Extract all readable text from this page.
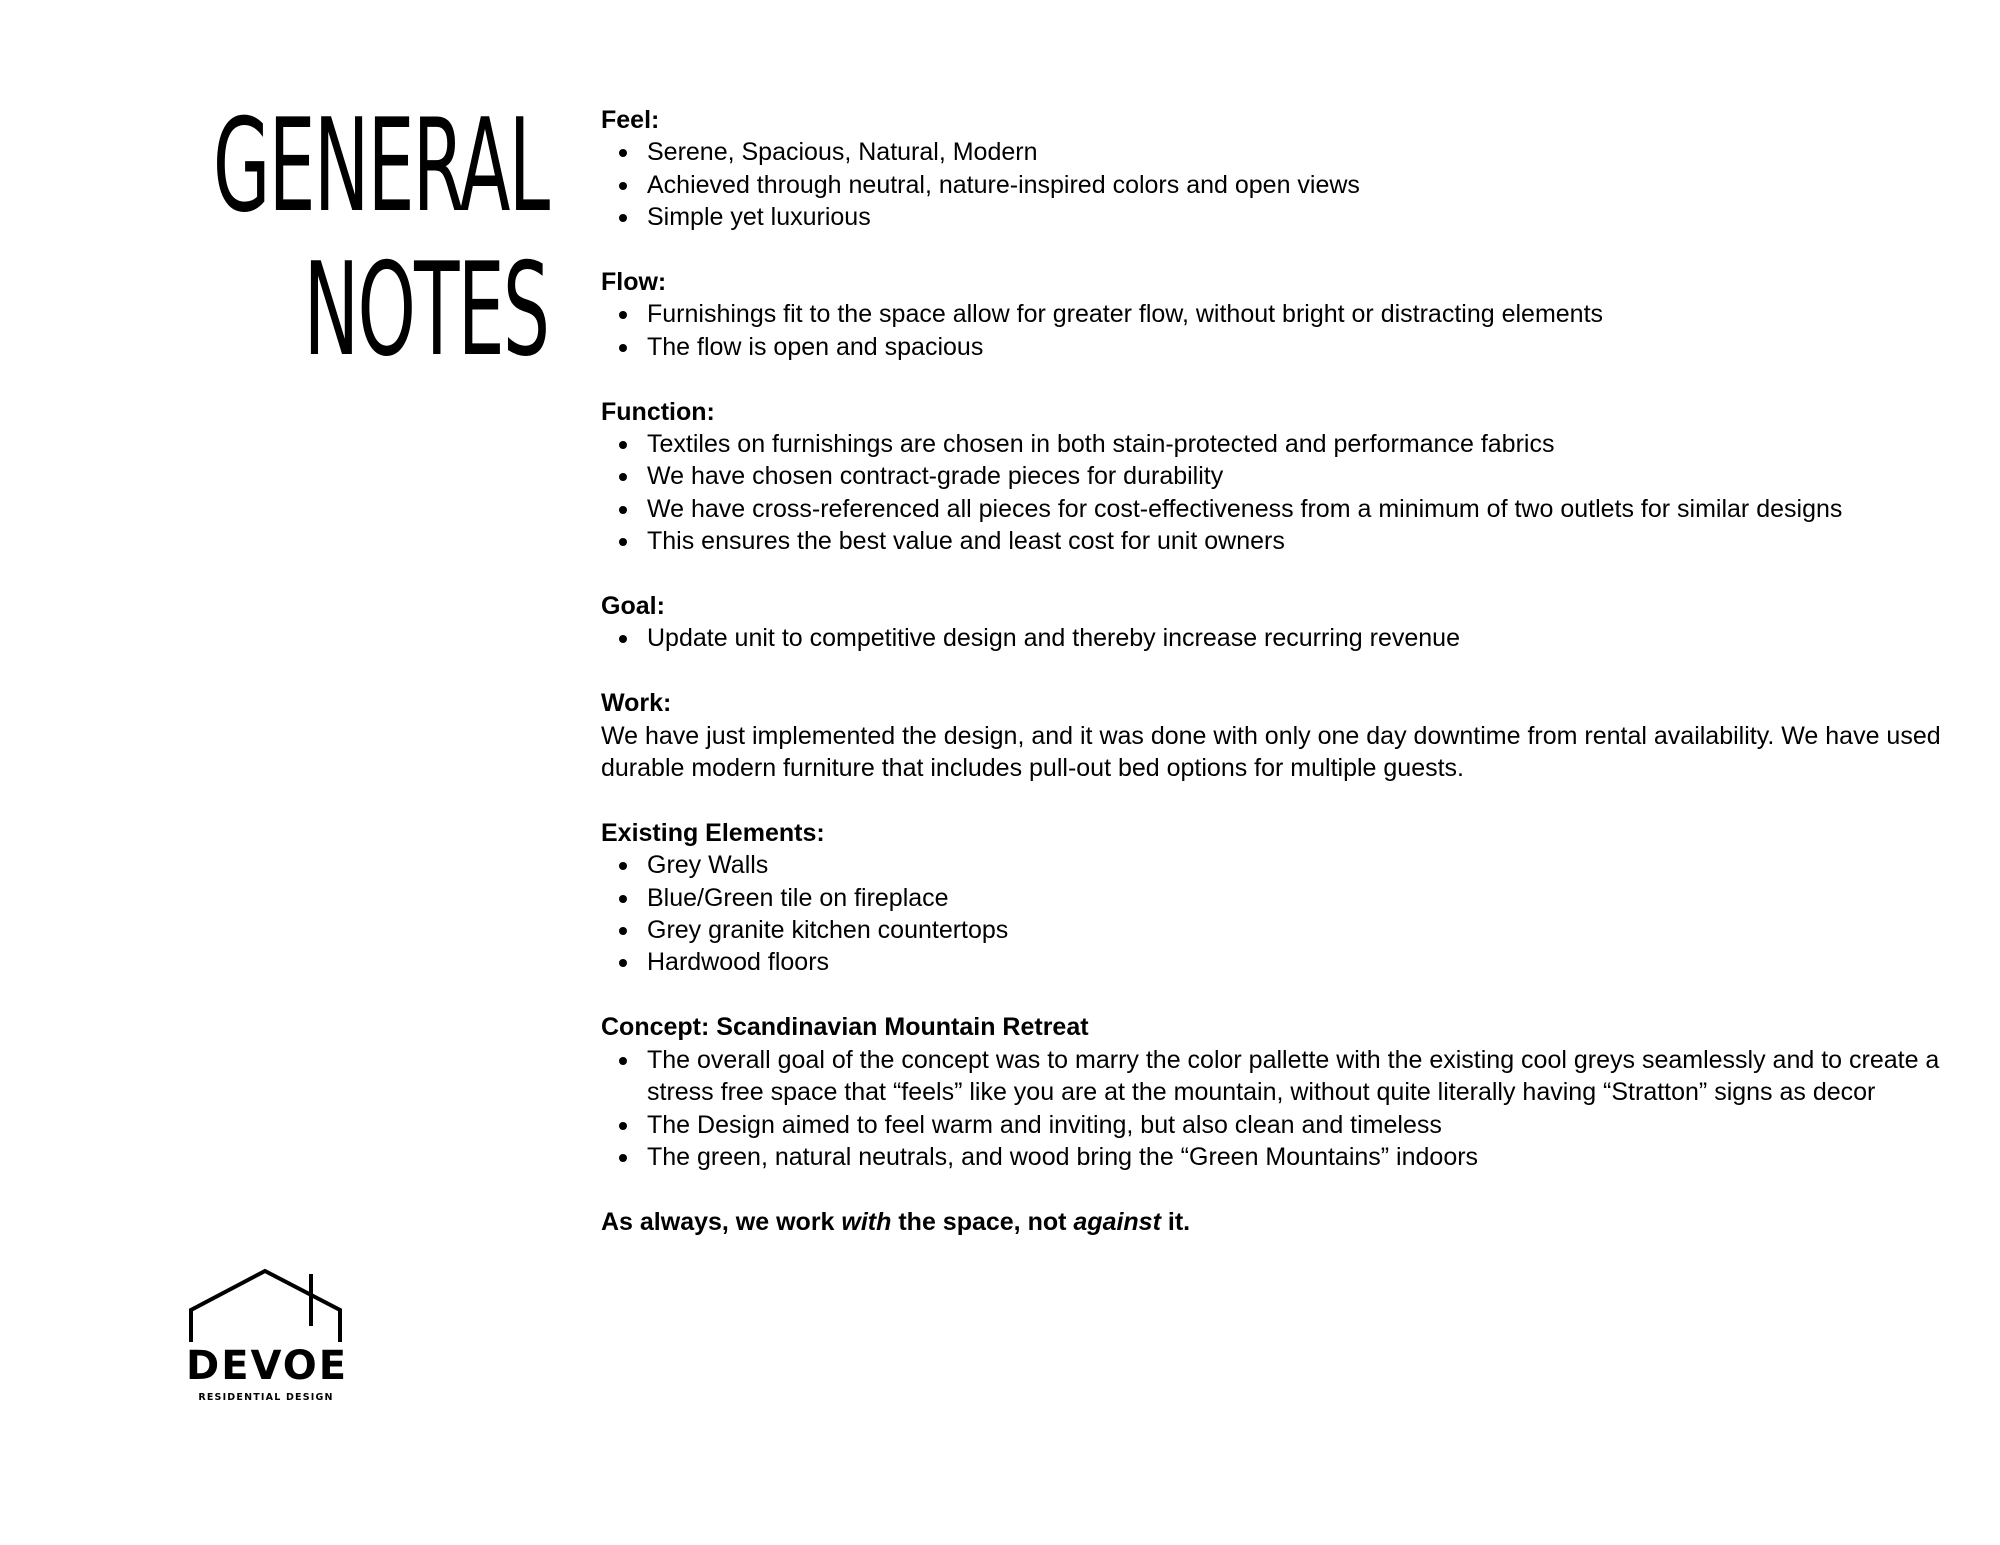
GENERAL
NOTES

Feel:

Serene, Spacious, Natural, Modern
Achieved through neutral, nature-inspired colors and open views
Simple yet luxurious

Flow:

Furnishings fit to the space allow for greater flow, without bright or distracting elements
The flow is open and spacious

Function:

Textiles on furnishings are chosen in both stain-protected and performance fabrics
We have chosen contract-grade pieces for durability
We have cross-referenced all pieces for cost-effectiveness from a minimum of two outlets for similar designs
This ensures the best value and least cost for unit owners

Goal:

Update unit to competitive design and thereby increase recurring revenue

Work:

We have just implemented the design, and it was done with only one day downtime from rental availability. We have used durable modern furniture that includes pull-out bed options for multiple guests.

Existing Elements:

Grey Walls
Blue/Green tile on fireplace
Grey granite kitchen countertops
Hardwood floors

Concept: Scandinavian Mountain Retreat

The overall goal of the concept was to marry the color pallette with the existing cool greys seamlessly and to create a stress free space that “feels” like you are at the mountain, without quite literally having “Stratton” signs as decor
The Design aimed to feel warm and inviting, but also clean and timeless
The green, natural neutrals, and wood bring the “Green Mountains” indoors

As always, we work with the space, not against it.

DEVOE
RESIDENTIAL DESIGN
